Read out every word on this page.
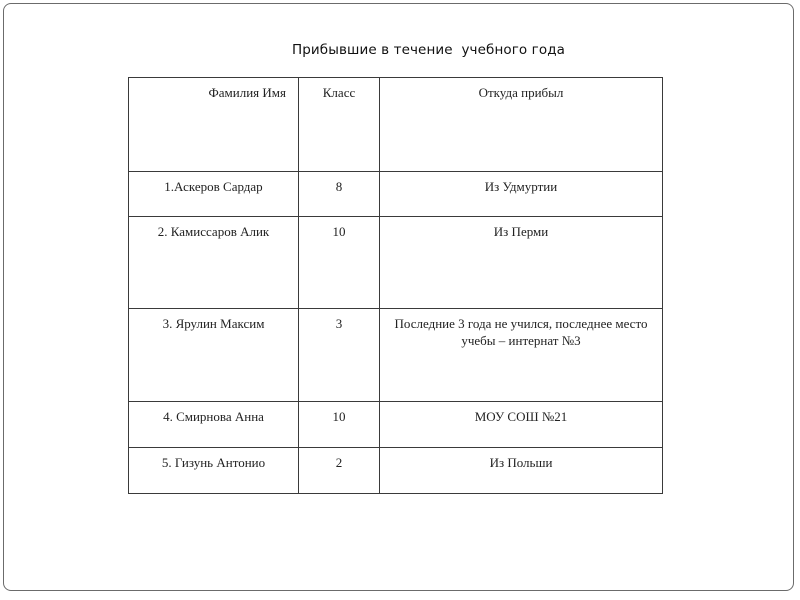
Прибывшие в течение  учебного года
Фамилия Имя	Класс	Откуда прибыл
1.Аскеров Сардар	8	Из Удмуртии
2. Камиссаров Алик	10	Из Перми
3. Ярулин Максим	3	Последние 3 года не учился, последнее место учебы – интернат №3
4. Смирнова Анна	10	МОУ СОШ №21
5. Гизунь Антонио	2	Из Польши
